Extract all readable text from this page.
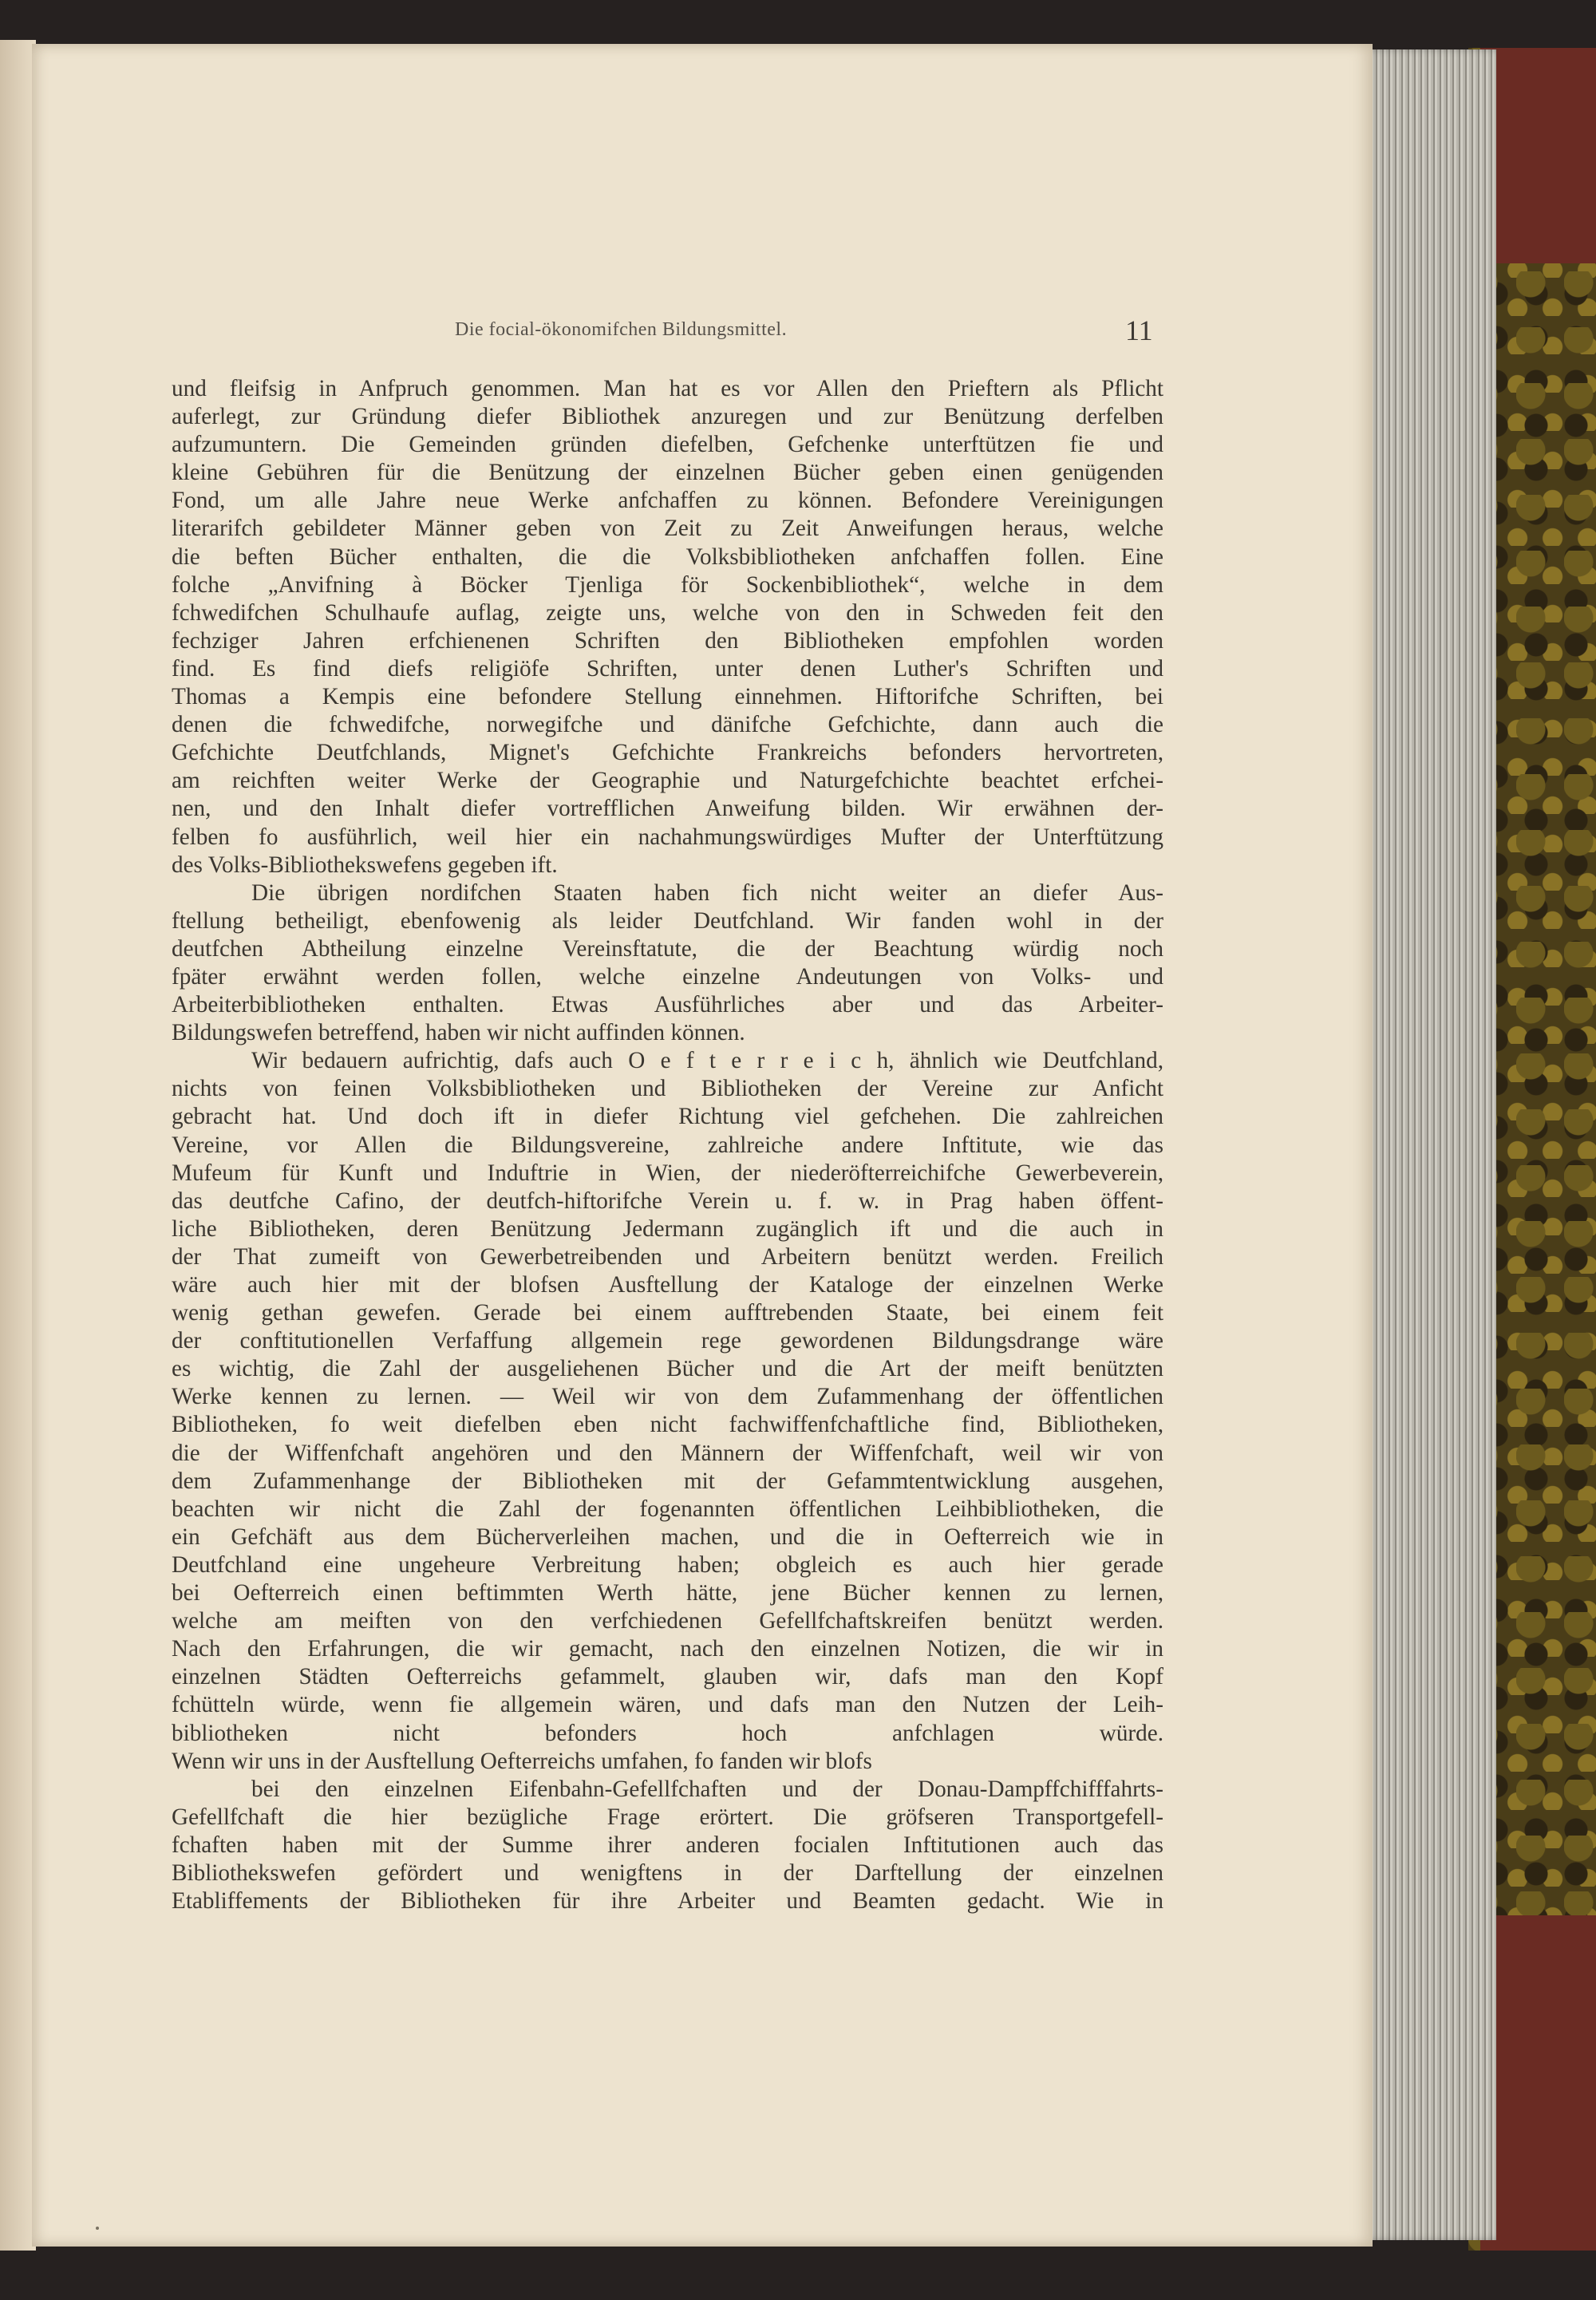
Die focial-ökonomifchen Bildungsmittel.	11
und fleifsig in Anfpruch genommen. Man hat es vor Allen den Prieftern als Pflicht
auferlegt, zur Gründung diefer Bibliothek anzuregen und zur Benützung derfelben
aufzumuntern. Die Gemeinden gründen diefelben, Gefchenke unterftützen fie und
kleine Gebühren für die Benützung der einzelnen Bücher geben einen genügenden
Fond, um alle Jahre neue Werke anfchaffen zu können. Befondere Vereinigungen
literarifch gebildeter Männer geben von Zeit zu Zeit Anweifungen heraus, welche
die beften Bücher enthalten, die die Volksbibliotheken anfchaffen follen. Eine
folche „Anvifning à Böcker Tjenliga för Sockenbibliothek“, welche in dem
fchwedifchen Schulhaufe auflag, zeigte uns, welche von den in Schweden feit den
fechziger Jahren erfchienenen Schriften den Bibliotheken empfohlen worden
find. Es find diefs religiöfe Schriften, unter denen Luther's Schriften und
Thomas a Kempis eine befondere Stellung einnehmen. Hiftorifche Schriften, bei
denen die fchwedifche, norwegifche und dänifche Gefchichte, dann auch die
Gefchichte Deutfchlands, Mignet's Gefchichte Frankreichs befonders hervortreten,
am reichften weiter Werke der Geographie und Naturgefchichte beachtet erfchei-
nen, und den Inhalt diefer vortrefflichen Anweifung bilden. Wir erwähnen der-
felben fo ausführlich, weil hier ein nachahmungswürdiges Mufter der Unterftützung
des Volks-Bibliothekswefens gegeben ift.
Die übrigen nordifchen Staaten haben fich nicht weiter an diefer Aus-
ftellung betheiligt, ebenfowenig als leider Deutfchland. Wir fanden wohl in der
deutfchen Abtheilung einzelne Vereinsftatute, die der Beachtung würdig noch
fpäter erwähnt werden follen, welche einzelne Andeutungen von Volks- und
Arbeiterbibliotheken enthalten. Etwas Ausführliches aber und das Arbeiter-
Bildungswefen betreffend, haben wir nicht auffinden können.
Wir bedauern aufrichtig, dafs auch O e f t e r r e i c h, ähnlich wie Deutfchland,
nichts von feinen Volksbibliotheken und Bibliotheken der Vereine zur Anficht
gebracht hat. Und doch ift in diefer Richtung viel gefchehen. Die zahlreichen
Vereine, vor Allen die Bildungsvereine, zahlreiche andere Inftitute, wie das
Mufeum für Kunft und Induftrie in Wien, der niederöfterreichifche Gewerbeverein,
das deutfche Cafino, der deutfch-hiftorifche Verein u. f. w. in Prag haben öffent-
liche Bibliotheken, deren Benützung Jedermann zugänglich ift und die auch in
der That zumeift von Gewerbetreibenden und Arbeitern benützt werden. Freilich
wäre auch hier mit der blofsen Ausftellung der Kataloge der einzelnen Werke
wenig gethan gewefen. Gerade bei einem aufftrebenden Staate, bei einem feit
der conftitutionellen Verfaffung allgemein rege gewordenen Bildungsdrange wäre
es wichtig, die Zahl der ausgeliehenen Bücher und die Art der meift benützten
Werke kennen zu lernen. — Weil wir von dem Zufammenhang der öffentlichen
Bibliotheken, fo weit diefelben eben nicht fachwiffenfchaftliche find, Bibliotheken,
die der Wiffenfchaft angehören und den Männern der Wiffenfchaft, weil wir von
dem Zufammenhange der Bibliotheken mit der Gefammtentwicklung ausgehen,
beachten wir nicht die Zahl der fogenannten öffentlichen Leihbibliotheken, die
ein Gefchäft aus dem Bücherverleihen machen, und die in Oefterreich wie in
Deutfchland eine ungeheure Verbreitung haben; obgleich es auch hier gerade
bei Oefterreich einen beftimmten Werth hätte, jene Bücher kennen zu lernen,
welche am meiften von den verfchiedenen Gefellfchaftskreifen benützt werden.
Nach den Erfahrungen, die wir gemacht, nach den einzelnen Notizen, die wir in
einzelnen Städten Oefterreichs gefammelt, glauben wir, dafs man den Kopf
fchütteln würde, wenn fie allgemein wären, und dafs man den Nutzen der Leih-
bibliotheken nicht befonders hoch anfchlagen würde.
Wenn wir uns in der Ausftellung Oefterreichs umfahen, fo fanden wir blofs
bei den einzelnen Eifenbahn-Gefellfchaften und der Donau-Dampffchifffahrts-
Gefellfchaft die hier bezügliche Frage erörtert. Die gröfseren Transportgefell-
fchaften haben mit der Summe ihrer anderen focialen Inftitutionen auch das
Bibliothekswefen gefördert und wenigftens in der Darftellung der einzelnen
Etabliffements der Bibliotheken für ihre Arbeiter und Beamten gedacht. Wie in
